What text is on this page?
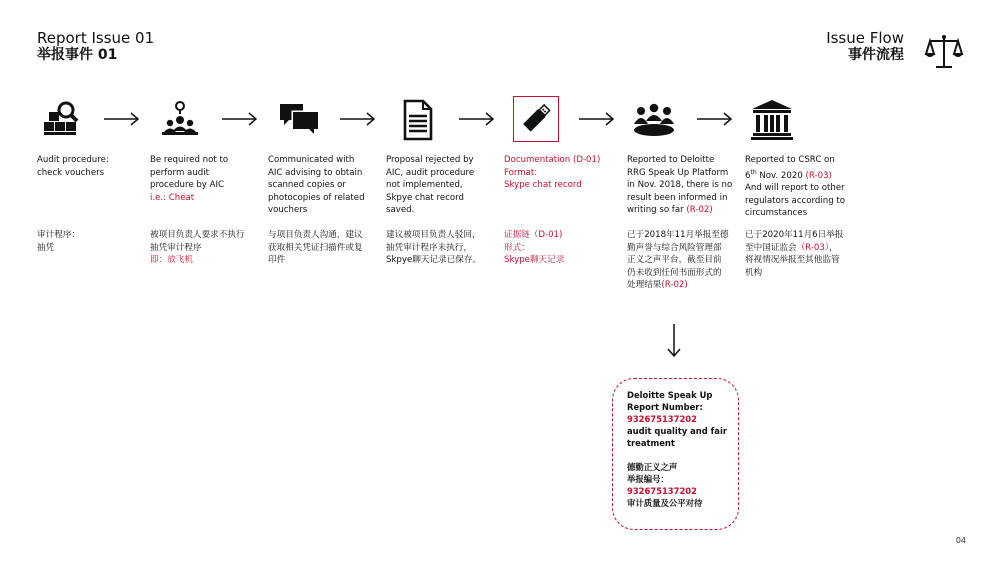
Report Issue 01
举报事件 01
Issue Flow
事件流程
Audit procedure:
check vouchers
审计程序：
抽凭
Be required not to
perform audit
procedure by AIC
i.e.: Cheat
被项目负责人要求不执行
抽凭审计程序
即：放飞机
Communicated with
AIC advising to obtain
scanned copies or
photocopies of related
vouchers
与项目负责人沟通，建议
获取相关凭证扫描件或复
印件
Proposal rejected by
AIC, audit procedure
not implemented,
Skpye chat record
saved.
建议被项目负责人驳回，
抽凭审计程序未执行，
Skpye聊天记录已保存。
Documentation (D-01)
Format:
Skype chat record
证据链（D-01)
形式：
Skype聊天记录
Reported to Deloitte
RRG Speak Up Platform
in Nov. 2018, there is no
result been informed in
writing so far (R-02)
已于2018年11月举报至德
勤声誉与综合风险管理部
正义之声平台，截至目前
仍未收到任何书面形式的
处理结果(R-02)
Reported to CSRC on
6th Nov. 2020 (R-03)
And will report to other
regulators according to
circumstances
已于2020年11月6日举报
至中国证监会（R-03），
将视情况举报至其他监管
机构
Deloitte Speak Up
Report Number:
932675137202
audit quality and fair
treatment
德勤正义之声
举报编号：
932675137202
审计质量及公平对待
04
